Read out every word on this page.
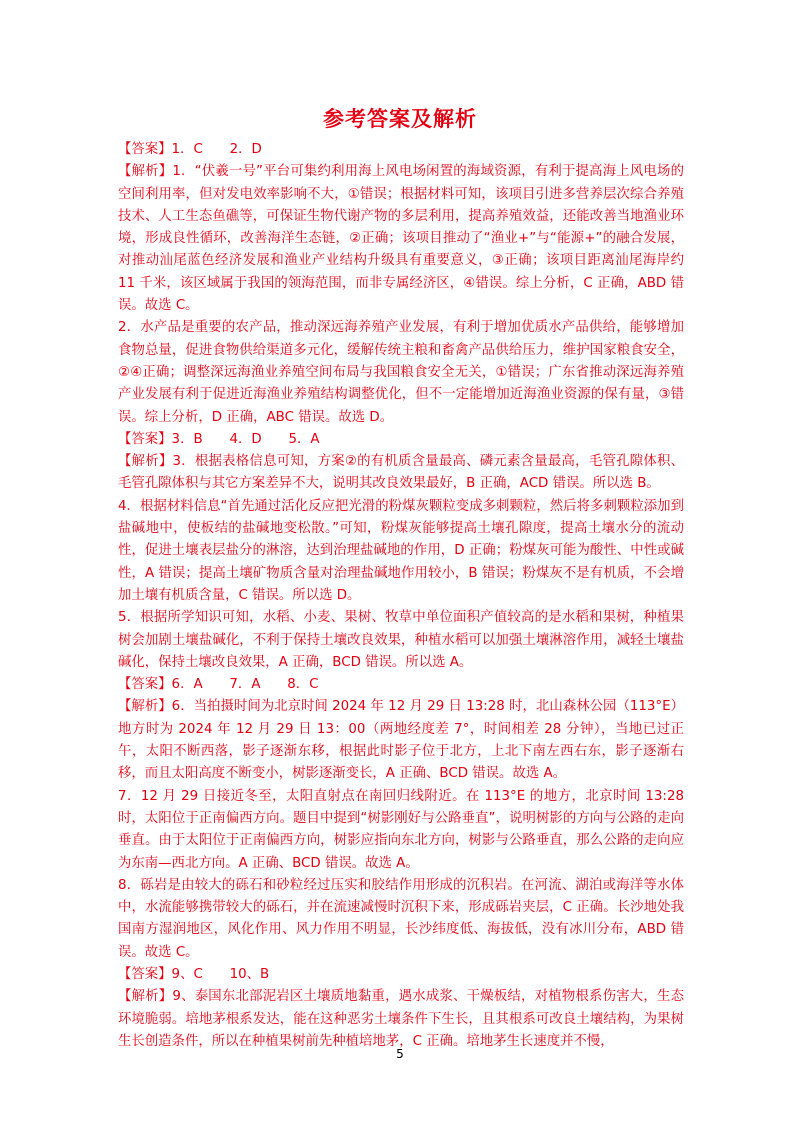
参考答案及解析

【答案】1．C　　2．D

【解析】1．“伏羲一号”平台可集约利用海上风电场闲置的海域资源，有利于提高海上风电场的空间利用率，但对发电效率影响不大，①错误；根据材料可知，该项目引进多营养层次综合养殖技术、人工生态鱼礁等，可保证生物代谢产物的多层利用，提高养殖效益，还能改善当地渔业环境，形成良性循环，改善海洋生态链，②正确；该项目推动了“渔业+”与“能源+”的融合发展，对推动汕尾蓝色经济发展和渔业产业结构升级具有重要意义，③正确；该项目距离汕尾海岸约 11 千米，该区域属于我国的领海范围，而非专属经济区，④错误。综上分析，C 正确，ABD 错误。故选 C。

2．水产品是重要的农产品，推动深远海养殖产业发展，有利于增加优质水产品供给，能够增加食物总量，促进食物供给渠道多元化，缓解传统主粮和畜禽产品供给压力，维护国家粮食安全，②④正确；调整深远海渔业养殖空间布局与我国粮食安全无关，①错误；广东省推动深远海养殖产业发展有利于促进近海渔业养殖结构调整优化，但不一定能增加近海渔业资源的保有量，③错误。综上分析，D 正确，ABC 错误。故选 D。

【答案】3．B　　4．D　　5．A

【解析】3．根据表格信息可知，方案②的有机质含量最高、磷元素含量最高，毛管孔隙体积、毛管孔隙体积与其它方案差异不大，说明其改良效果最好，B 正确，ACD 错误。所以选 B。

4．根据材料信息“首先通过活化反应把光滑的粉煤灰颗粒变成多刺颗粒，然后将多刺颗粒添加到盐碱地中，使板结的盐碱地变松散。”可知，粉煤灰能够提高土壤孔隙度，提高土壤水分的流动性，促进土壤表层盐分的淋溶，达到治理盐碱地的作用，D 正确；粉煤灰可能为酸性、中性或碱性，A 错误；提高土壤矿物质含量对治理盐碱地作用较小，B 错误；粉煤灰不是有机质，不会增加土壤有机质含量，C 错误。所以选 D。

5．根据所学知识可知，水稻、小麦、果树、牧草中单位面积产值较高的是水稻和果树，种植果树会加剧土壤盐碱化，不利于保持土壤改良效果，种植水稻可以加强土壤淋溶作用，减轻土壤盐碱化，保持土壤改良效果，A 正确，BCD 错误。所以选 A。

【答案】6．A　　7．A　　8．C

【解析】6．当拍摄时间为北京时间 2024 年 12 月 29 日 13:28 时，北山森林公园（113°E）地方时为 2024 年 12 月 29 日 13：00（两地经度差 7°，时间相差 28 分钟），当地已过正午，太阳不断西落，影子逐渐东移，根据此时影子位于北方，上北下南左西右东，影子逐渐右移，而且太阳高度不断变小，树影逐渐变长，A 正确、BCD 错误。故选 A。

7．12 月 29 日接近冬至，太阳直射点在南回归线附近。在 113°E 的地方，北京时间 13:28 时，太阳位于正南偏西方向。题目中提到“树影刚好与公路垂直”，说明树影的方向与公路的走向垂直。由于太阳位于正南偏西方向，树影应指向东北方向，树影与公路垂直，那么公路的走向应为东南—西北方向。A 正确、BCD 错误。故选 A。

8．砾岩是由较大的砾石和砂粒经过压实和胶结作用形成的沉积岩。在河流、湖泊或海洋等水体中，水流能够携带较大的砾石，并在流速减慢时沉积下来，形成砾岩夹层，C 正确。长沙地处我国南方湿润地区，风化作用、风力作用不明显，长沙纬度低、海拔低，没有冰川分布，ABD 错误。故选 C。

【答案】9、C　　10、B

【解析】9、泰国东北部泥岩区土壤质地黏重，遇水成浆、干燥板结，对植物根系伤害大，生态环境脆弱。培地茅根系发达，能在这种恶劣土壤条件下生长，且其根系可改良土壤结构，为果树生长创造条件，所以在种植果树前先种植培地茅，C 正确。培地茅生长速度并不慢，

5
